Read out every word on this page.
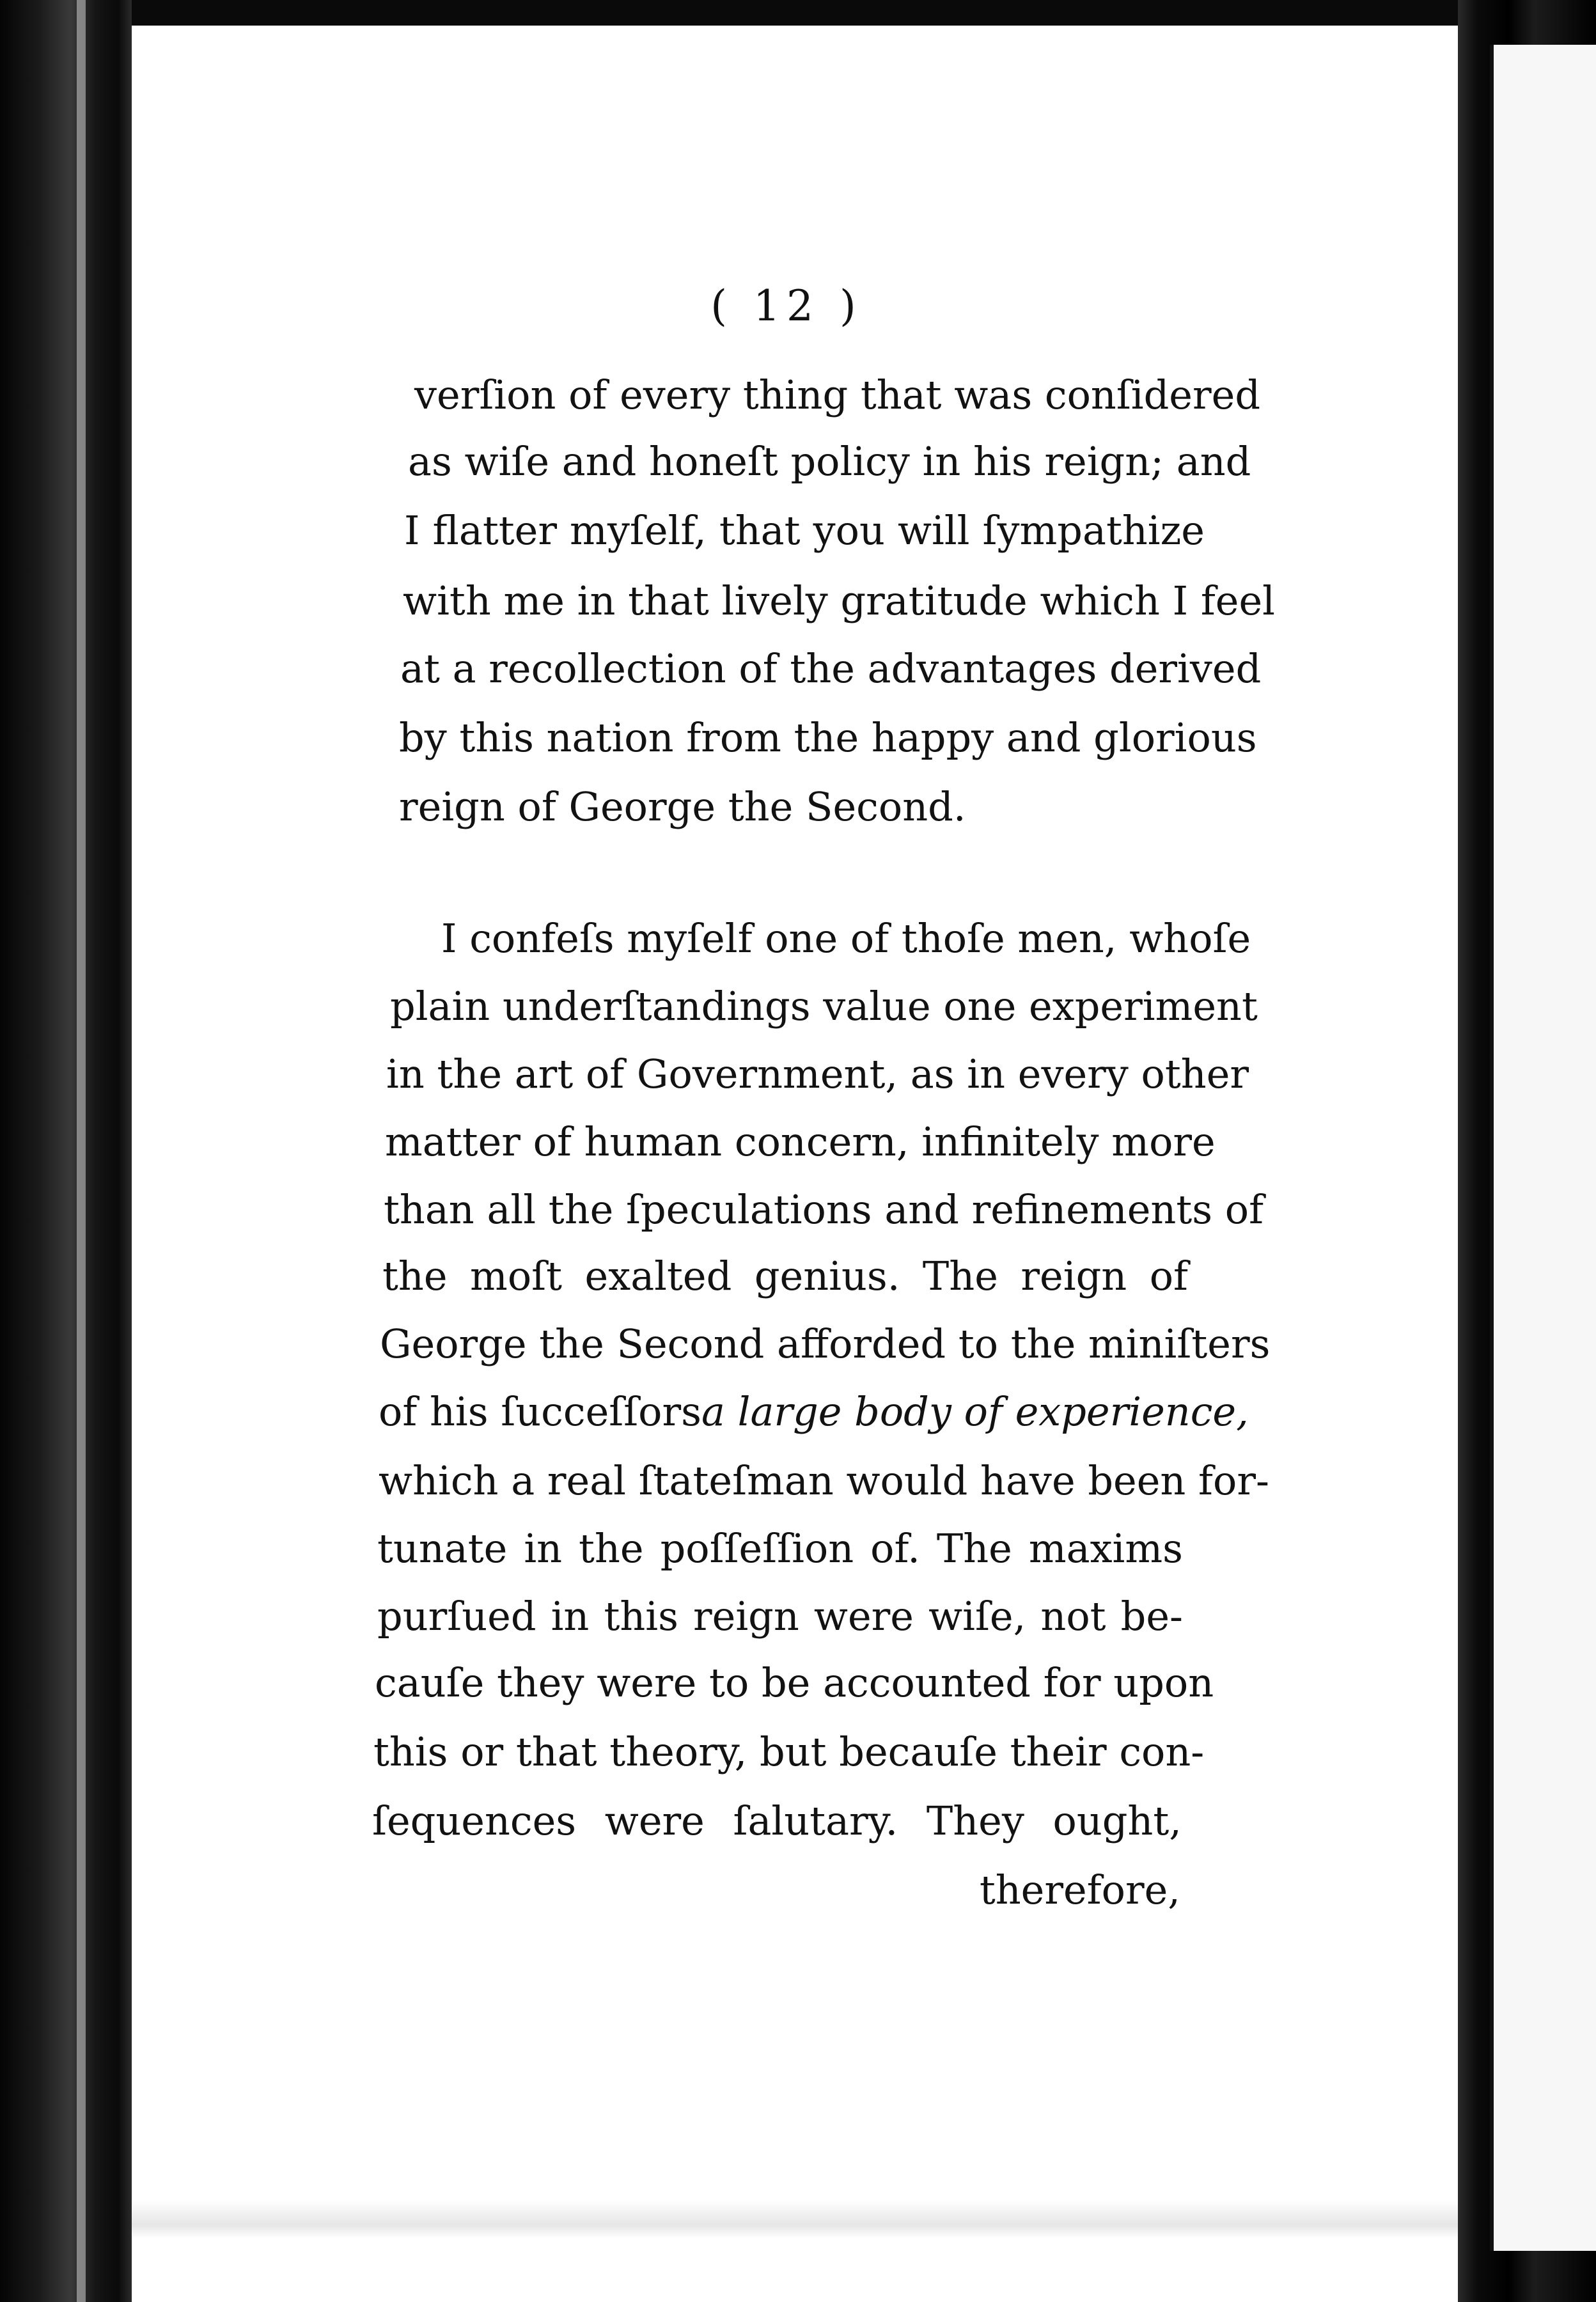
( 12 )
verſion of every thing that was conſidered
as wiſe and honeſt policy in his reign; and
I flatter myſelf, that you will ſympathize
with me in that lively gratitude which I feel
at a recollection of the advantages derived
by this nation from the happy and glorious
reign of George the Second.
I confeſs myſelf one of thoſe men, whoſe
plain underſtandings value one experiment
in the art of Government, as in every other
matter of human concern, infinitely more
than all the ſpeculations and refinements of
the moſt exalted genius. The reign of
George the Second afforded to the miniſters
of his ſucceſſors a large body of experience,
which a real ſtateſman would have been for-
tunate in the poſſeſſion of. The maxims
purſued in this reign were wiſe, not be-
cauſe they were to be accounted for upon
this or that theory, but becauſe their con-
ſequences were ſalutary. They ought,
therefore,
